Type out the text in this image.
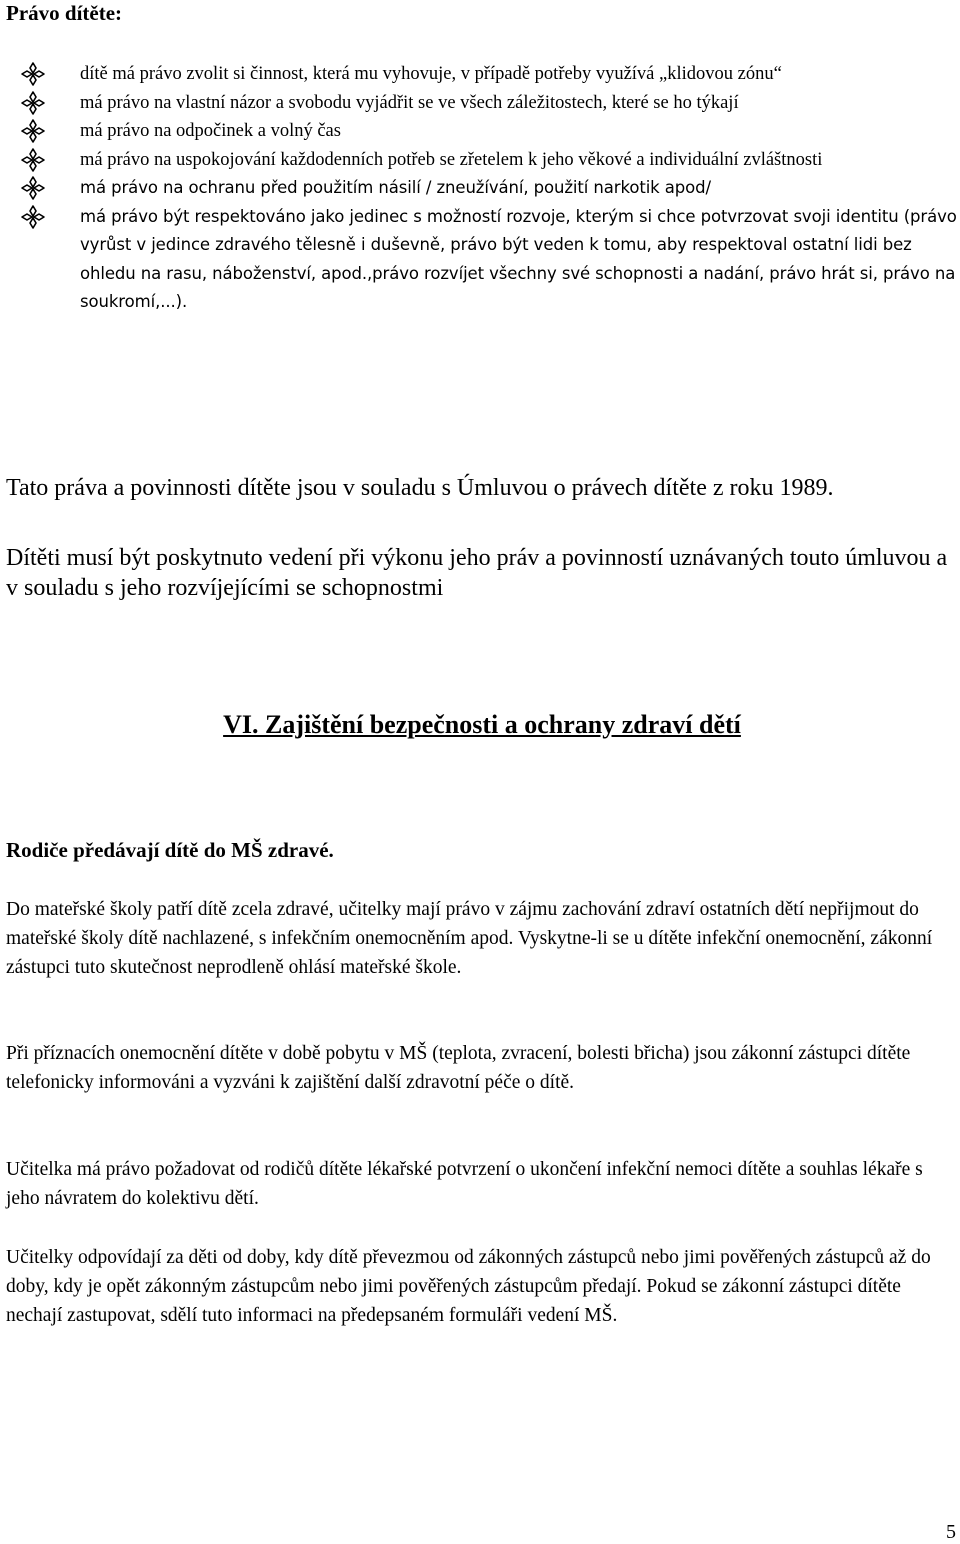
Právo dítěte:
dítě má právo zvolit si činnost, která mu vyhovuje, v případě potřeby využívá „klidovou zónu“
má právo na vlastní názor a svobodu vyjádřit se ve všech záležitostech, které se ho týkají
má právo na odpočinek a volný čas
má právo na uspokojování každodenních potřeb se zřetelem k jeho věkové a individuální zvláštnosti
má právo na ochranu před použitím násilí / zneužívání, použití narkotik apod/
má právo být respektováno jako jedinec s možností rozvoje, kterým si chce potvrzovat svoji identitu (právo vyrůst v jedince zdravého tělesně i duševně, právo být veden k tomu, aby respektoval ostatní lidi bez ohledu na rasu, náboženství, apod.,právo rozvíjet všechny své schopnosti a nadání, právo hrát si, právo na soukromí,...).

Tato práva a povinnosti dítěte jsou v souladu s Úmluvou o právech dítěte z roku 1989.

Dítěti musí být poskytnuto vedení při výkonu jeho práv a povinností uznávaných touto úmluvou a v souladu s jeho rozvíjejícími se schopnostmi

VI. Zajištění bezpečnosti a ochrany zdraví dětí

Rodiče předávají dítě do MŠ zdravé.

Do mateřské školy patří dítě zcela zdravé, učitelky mají právo v zájmu zachování zdraví ostatních dětí nepřijmout do mateřské školy dítě nachlazené, s infekčním onemocněním apod. Vyskytne-li se u dítěte infekční onemocnění, zákonní zástupci tuto skutečnost neprodleně ohlásí mateřské škole.

Při příznacích onemocnění dítěte v době pobytu v MŠ (teplota, zvracení, bolesti břicha) jsou zákonní zástupci dítěte telefonicky informováni a vyzváni k zajištění další zdravotní péče o dítě.

Učitelka má právo požadovat od rodičů dítěte lékařské potvrzení o ukončení infekční nemoci dítěte a souhlas lékaře s jeho návratem do kolektivu dětí.

Učitelky odpovídají za děti od doby, kdy dítě převezmou od zákonných zástupců nebo jimi pověřených zástupců až do doby, kdy je opět zákonným zástupcům nebo jimi pověřených zástupcům předají. Pokud se zákonní zástupci dítěte nechají zastupovat, sdělí tuto informaci na předepsaném formuláři vedení MŠ.

5
